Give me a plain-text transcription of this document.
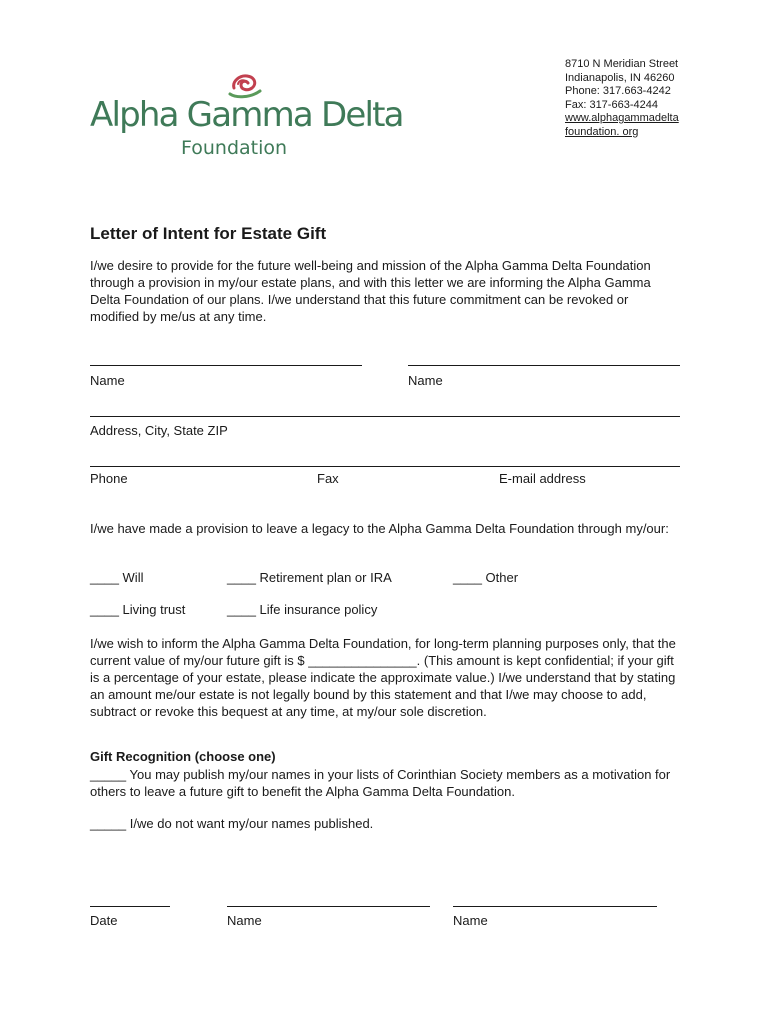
Alpha Gamma Delta
Foundation
8710 N Meridian Street
Indianapolis, IN 46260
Phone: 317.663-4242
Fax: 317-663-4244
www.alphagammadelta
foundation. org
Letter of Intent for Estate Gift
I/we desire to provide for the future well-being and mission of the Alpha Gamma Delta Foundation through a provision in my/our estate plans, and with this letter we are informing the Alpha Gamma Delta Foundation of our plans. I/we understand that this future commitment can be revoked or modified by me/us at any time.
Name	Name
Address, City, State ZIP
Phone	Fax	E-mail address
I/we have made a provision to leave a legacy to the Alpha Gamma Delta Foundation through my/our:
____ Will	____ Retirement plan or IRA	____ Other
____ Living trust	____ Life insurance policy
I/we wish to inform the Alpha Gamma Delta Foundation, for long-term planning purposes only, that the current value of my/our future gift is $ _______________. (This amount is kept confidential; if your gift is a percentage of your estate, please indicate the approximate value.) I/we understand that by stating an amount me/our estate is not legally bound by this statement and that I/we may choose to add, subtract or revoke this bequest at any time, at my/our sole discretion.
Gift Recognition (choose one)
_____ You may publish my/our names in your lists of Corinthian Society members as a motivation for others to leave a future gift to benefit the Alpha Gamma Delta Foundation.
_____ I/we do not want my/our names published.
Date	Name	Name
